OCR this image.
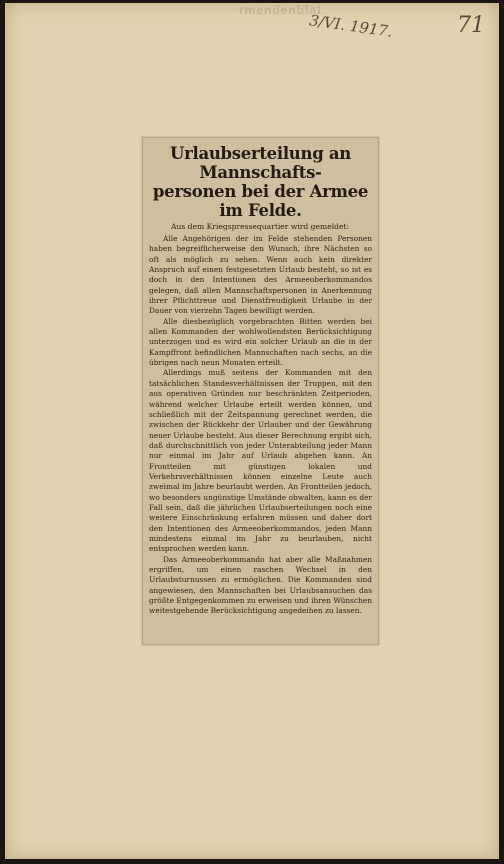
rmendenblat
3/VI. 1917.	71
Urlaubserteilung an Mannschafts-
personen bei der Armee im Felde.
Aus dem Kriegspressequartier wird gemeldet:

Alle Angehörigen der im Felde stehenden Personen haben begreiflicherweise den Wunsch, ihre Nächsten so oft als möglich zu sehen. Wenn auch kein direkter Anspruch auf einen festgesetzten Urlaub besteht, so ist es doch in den Intentionen des Armeeoberkommandos gelegen, daß allen Mannschaftspersonen in Anerkennung ihrer Pflichttreue und Dienstfreudigkeit Urlaube in der Dauer von vierzehn Tagen bewilligt werden.

Alle diesbezüglich vorgebrachten Bitten werden bei allen Kommanden der wohlwollendsten Berücksichtigung unterzogen und es wird ein solcher Urlaub an die in der Kampffront befindlichen Mannschaften nach sechs, an die übrigen nach neun Monaten erteilt.

Allerdings muß seitens der Kommanden mit den tatsächlichen Standesverhältnissen der Truppen, mit den aus operativen Gründen nur beschränkten Zeitperioden, während welcher Urlaube erteilt werden können, und schließlich mit der Zeitspannung gerechnet werden, die zwischen der Rückkehr der Urlauber und der Gewährung neuer Urlaube besteht. Aus dieser Berechnung ergibt sich, daß durchschnittlich von jeder Unterabteilung jeder Mann nur einmal im Jahr auf Urlaub abgehen kann. An Frontteilen mit günstigen lokalen und Verkehrsverhältnissen können einzelne Leute auch zweimal im Jahre beurlaubt werden. An Frontteilen jedoch, wo besonders ungünstige Umstände obwalten, kann es der Fall sein, daß die jährlichen Urlaubserteilungen noch eine weitere Einschränkung erfahren müssen und daher dort den Intentionen des Armeeoberkommandos, jeden Mann mindestens einmal im Jahr zu beurlauben, nicht entsprochen werden kann.

Das Armeeoberkommando hat aber alle Maßnahmen ergriffen, um einen raschen Wechsel in den Urlaubsturnussen zu ermöglichen. Die Kommanden sind angewiesen, den Mannschaften bei Urlaubsansuchen das größte Entgegenkommen zu erweisen und ihren Wünschen weitestgehende Berücksichtigung angedeihen zu lassen.
